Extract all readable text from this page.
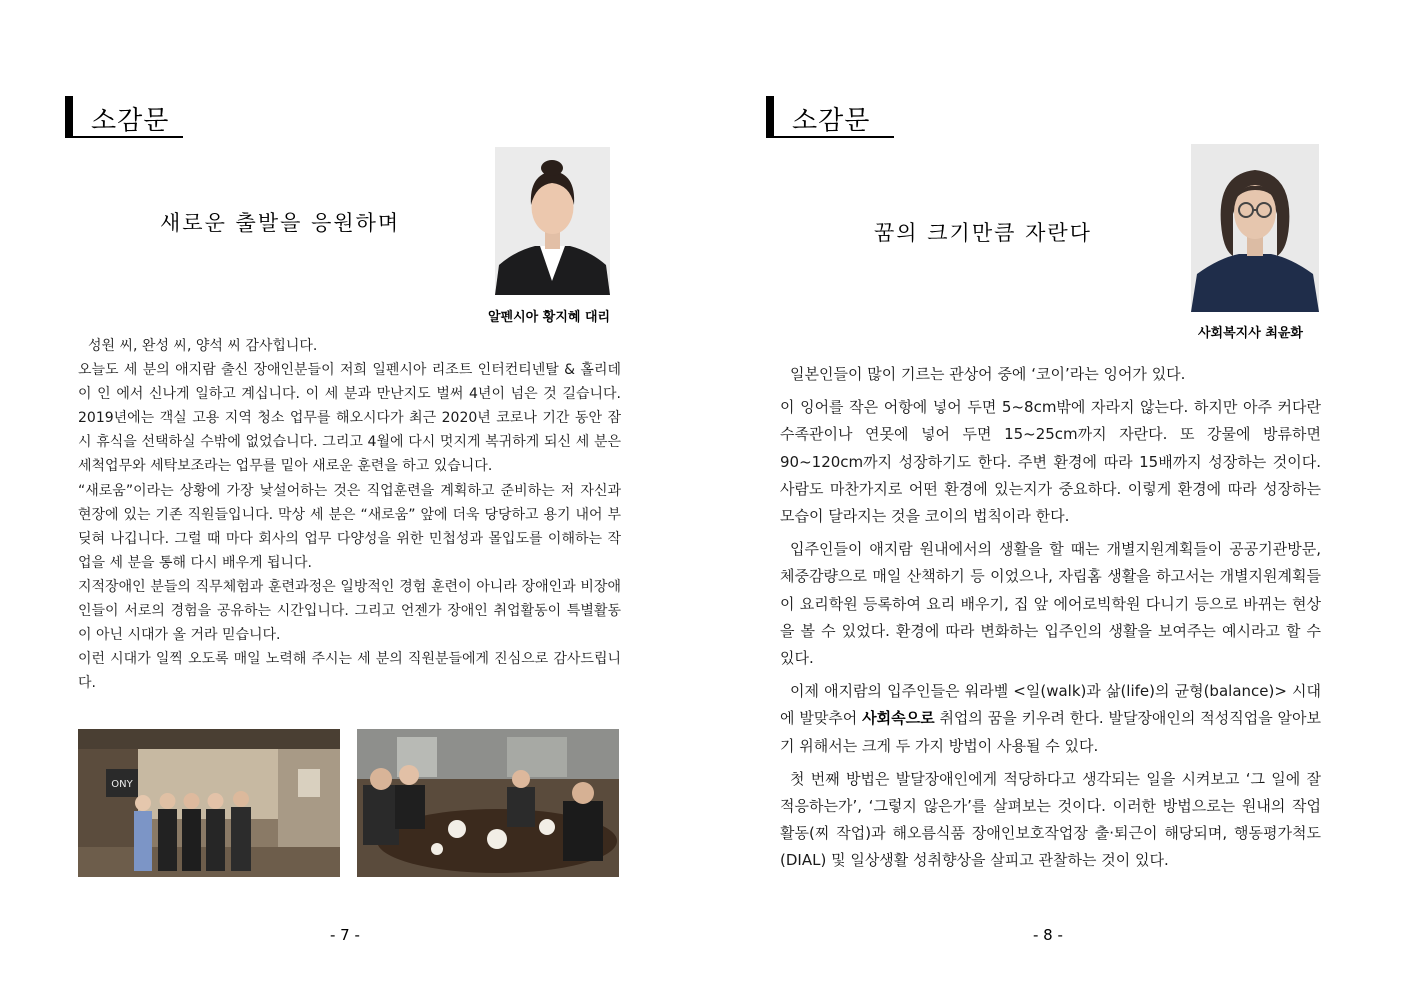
소감문
새로운 출발을 응원하며
알펜시아 황지혜 대리

성원 씨, 완성 씨, 양석 씨 감사힙니다.

오늘도 세 분의 애지람 출신 장애인분들이 저희 일펜시아 리조트 인터컨티넨탈 & 홀리데이 인 에서 신나게 일하고 계십니다. 이 세 분과 만난지도 벌써 4년이 넘은 것 길습니다. 2019년에는 객실 고용 지역 청소 업무를 해오시다가 최근 2020년 코로나 기간 동안 잠시 휴식을 선택하실 수밖에 없었습니다. 그리고 4월에 다시 멋지게 복귀하게 되신 세 분은 세척업무와 세탁보조라는 업무를 밑아 새로운 훈련을 하고 있습니다.

“새로움”이라는 상황에 가장 낯설어하는 것은 직업훈련을 계획하고 준비하는 저 자신과 현장에 있는 기존 직원들입니다. 막상 세 분은 “새로움” 앞에 더욱 당당하고 용기 내어 부딪혀 나깁니다. 그럴 때 마다 회사의 업무 다양성을 위한 민첩성과 몰입도를 이해하는 작업을 세 분을 통해 다시 배우게 됩니다.

지적장애인 분들의 직무체험과 훈련과정은 일방적인 경험 훈련이 아니라 장애인과 비장애인들이 서로의 경험을 공유하는 시간입니다. 그리고 언젠가 장애인 취업활동이 특별활동이 아닌 시대가 올 거라 믿습니다.

이런 시대가 일찍 오도록 매일 노력해 주시는 세 분의 직원분들에게 진심으로 감사드립니다.

ONY
- 7 -
소감문
꿈의 크기만큼 자란다
사회복지사 최윤화
- 8 -

일본인들이 많이 기르는 관상어 중에 ‘코이’라는 잉어가 있다.

이 잉어를 작은 어항에 넣어 두면 5~8cm밖에 자라지 않는다. 하지만 아주 커다란 수족관이나 연못에 넣어 두면 15~25cm까지 자란다. 또 강물에 방류하면 90~120cm까지 성장하기도 한다. 주변 환경에 따라 15배까지 성장하는 것이다. 사람도 마찬가지로 어떤 환경에 있는지가 중요하다. 이렇게 환경에 따라 성장하는 모습이 달라지는 것을 코이의 법칙이라 한다.

입주인들이 애지람 원내에서의 생활을 할 때는 개별지원계획들이 공공기관방문, 체중감량으로 매일 산책하기 등 이었으나, 자립홈 생활을 하고서는 개별지원계획들이 요리학원 등록하여 요리 배우기, 집 앞 에어로빅학원 다니기 등으로 바뀌는 현상을 볼 수 있었다. 환경에 따라 변화하는 입주인의 생활을 보여주는 예시라고 할 수 있다.

이제 애지람의 입주인들은 워라벨 <일(walk)과 삶(life)의 균형(balance)> 시대에 발맞추어 사회속으로 취업의 꿈을 키우려 한다. 발달장애인의 적성직업을 알아보기 위해서는 크게 두 가지 방법이 사용될 수 있다.

첫 번째 방법은 발달장애인에게 적당하다고 생각되는 일을 시켜보고 ‘그 일에 잘 적응하는가’, ‘그렇지 않은가’를 살펴보는 것이다. 이러한 방법으로는 원내의 작업 활동(찌 작업)과 해오름식품 장애인보호작업장 출·퇴근이 해당되며, 행동평가척도(DIAL) 및 일상생활 성취향상을 살피고 관찰하는 것이 있다.
